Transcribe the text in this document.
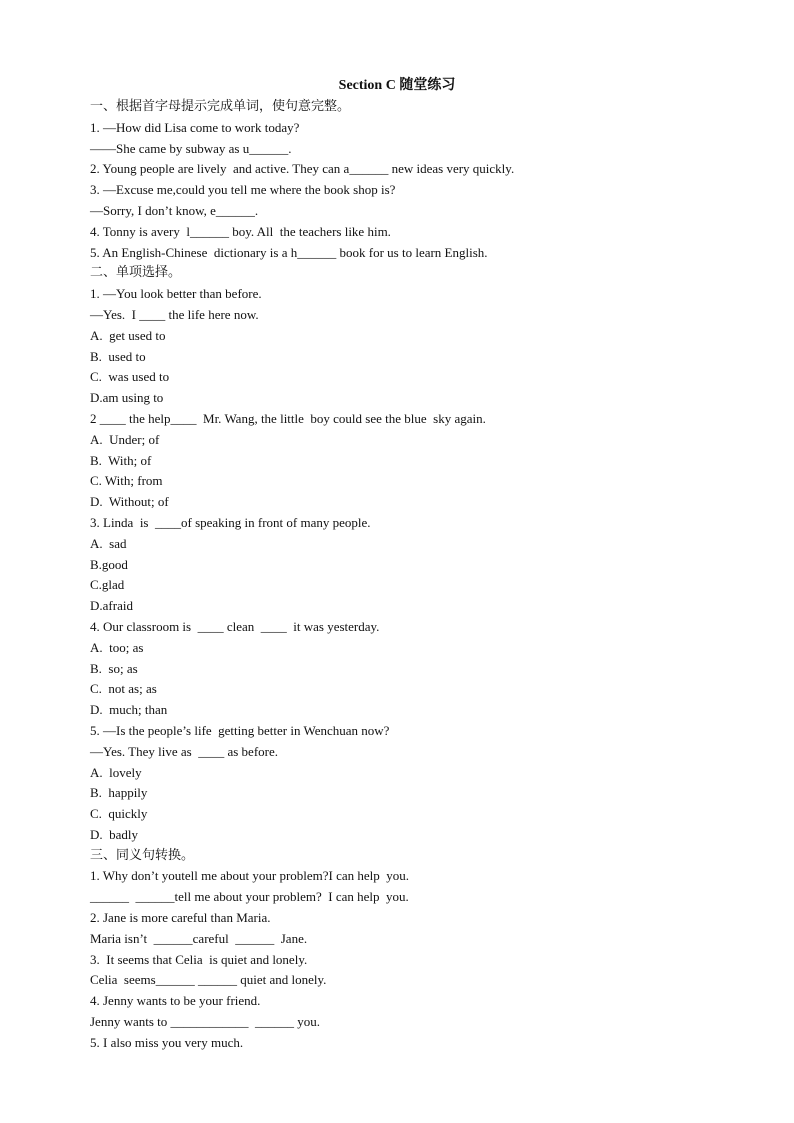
Section C 随堂练习
一、根据首字母提示完成单词，使句意完整。
1. —How did Lisa come to work today?
——She came by subway as u______.
2. Young people are lively  and active. They can a______ new ideas very quickly.
3. —Excuse me,could you tell me where the book shop is?
—Sorry, I don’t know, e______.
4. Tonny is avery  l______ boy. All  the teachers like him.
5. An English-Chinese  dictionary is a h______ book for us to learn English.
二、单项选择。
1. —You look better than before.
—Yes.  I ____ the life here now.
A.  get used to
B.  used to
C.  was used to
D.am using to
2 ____ the help____  Mr. Wang, the little  boy could see the blue  sky again.
A.  Under; of
B.  With; of
C. With; from
D.  Without; of
3. Linda  is  ____of speaking in front of many people.
A.  sad
B.good
C.glad
D.afraid
4. Our classroom is  ____ clean  ____  it was yesterday.
A.  too; as
B.  so; as
C.  not as; as
D.  much; than
5. —Is the people’s life  getting better in Wenchuan now?
—Yes. They live as  ____ as before.
A.  lovely
B.  happily
C.  quickly
D.  badly
三、同义句转换。
1. Why don’t youtell me about your problem?I can help  you.
______  ______tell me about your problem?  I can help  you.
2. Jane is more careful than Maria.
Maria isn’t  ______careful  ______  Jane.
3.  It seems that Celia  is quiet and lonely.
Celia  seems______ ______ quiet and lonely.
4. Jenny wants to be your friend.
Jenny wants to ____________  ______ you.
5. I also miss you very much.
